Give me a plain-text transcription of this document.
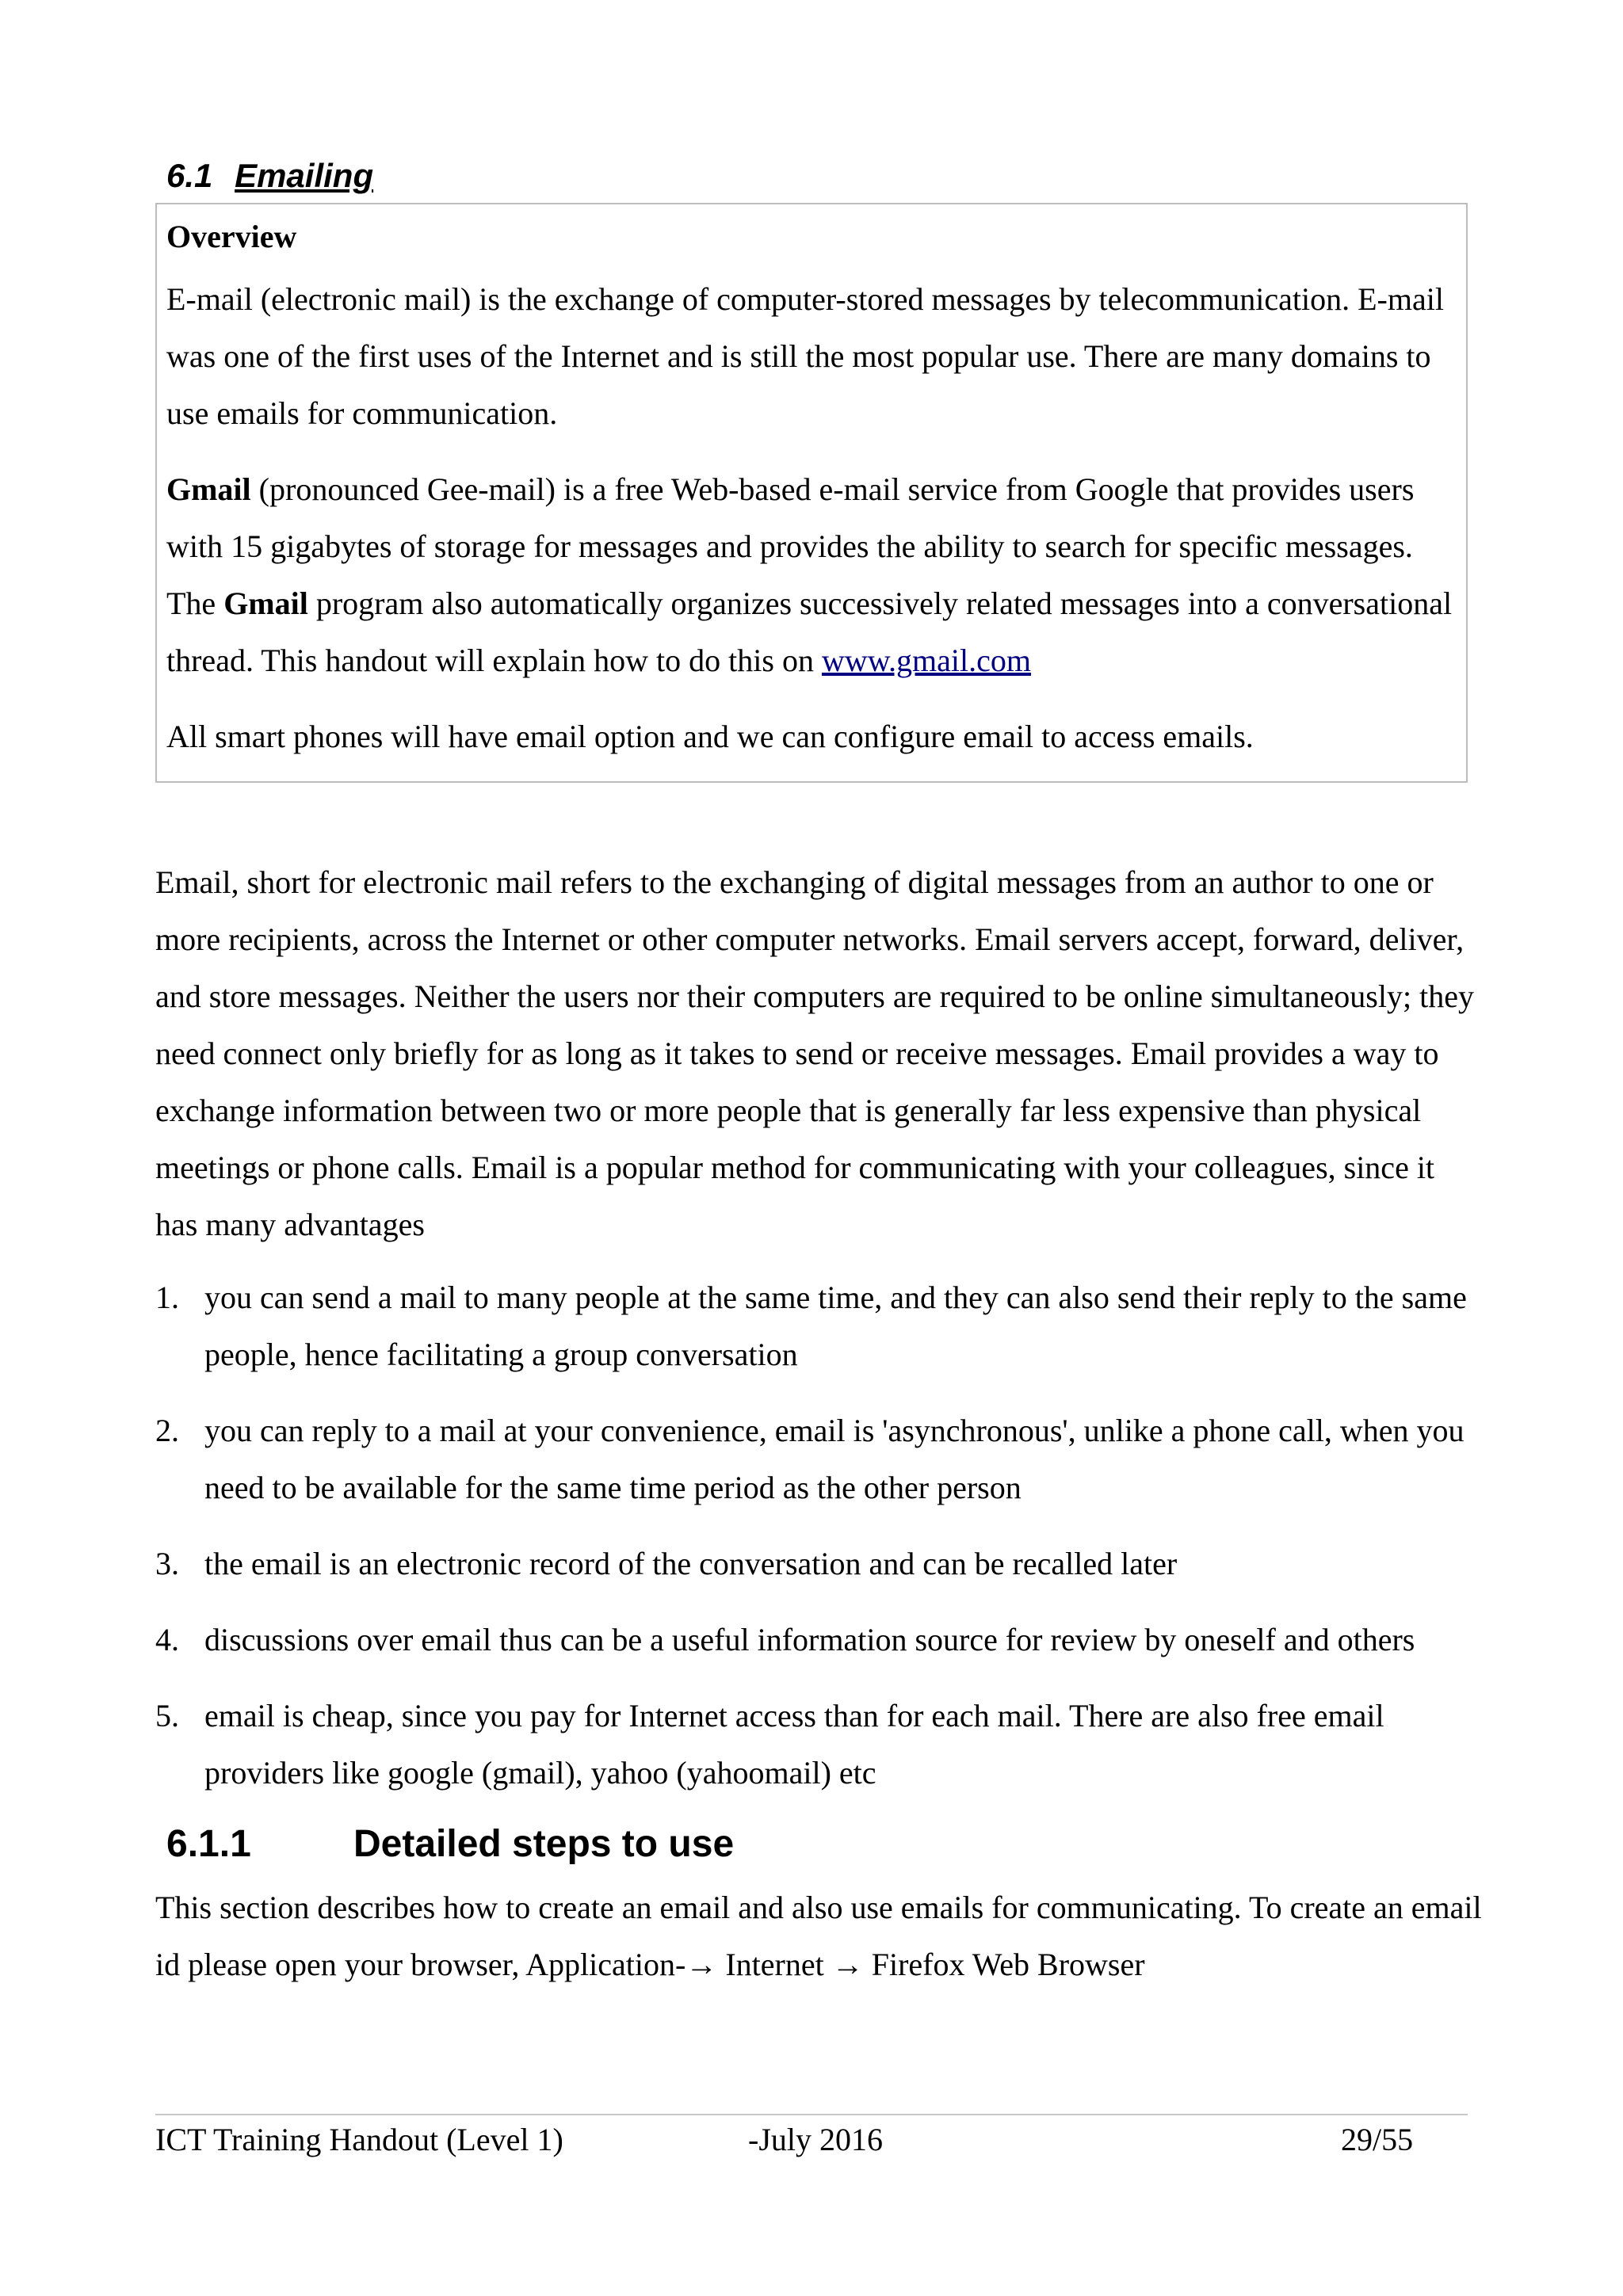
6.1 Emailing

Overview

E-mail (electronic mail) is the exchange of computer-stored messages by telecommunication. E-mail was one of the first uses of the Internet and is still the most popular use. There are many domains to use emails for communication.

Gmail (pronounced Gee-mail) is a free Web-based e-mail service from Google that provides users with 15 gigabytes of storage for messages and provides the ability to search for specific messages. The Gmail program also automatically organizes successively related messages into a conversational thread. This handout will explain how to do this on www.gmail.com

All smart phones will have email option and we can configure email to access emails.

Email, short for electronic mail refers to the exchanging of digital messages from an author to one or more recipients, across the Internet or other computer networks. Email servers accept, forward, deliver, and store messages. Neither the users nor their computers are required to be online simultaneously; they need connect only briefly for as long as it takes to send or receive messages. Email provides a way to exchange information between two or more people that is generally far less expensive than physical meetings or phone calls. Email is a popular method for communicating with your colleagues, since it has many advantages

1. you can send a mail to many people at the same time, and they can also send their reply to the same people, hence facilitating a group conversation
2. you can reply to a mail at your convenience, email is 'asynchronous', unlike a phone call, when you need to be available for the same time period as the other person
3. the email is an electronic record of the conversation and can be recalled later
4. discussions over email thus can be a useful information source for review by oneself and others
5. email is cheap, since you pay for Internet access than for each mail. There are also free email providers like google (gmail), yahoo (yahoomail) etc
6.1.1	Detailed steps to use

This section describes how to create an email and also use emails for communicating. To create an email id please open your browser, Application-→ Internet → Firefox Web Browser

ICT Training Handout (Level 1)	-July 2016	29/55
